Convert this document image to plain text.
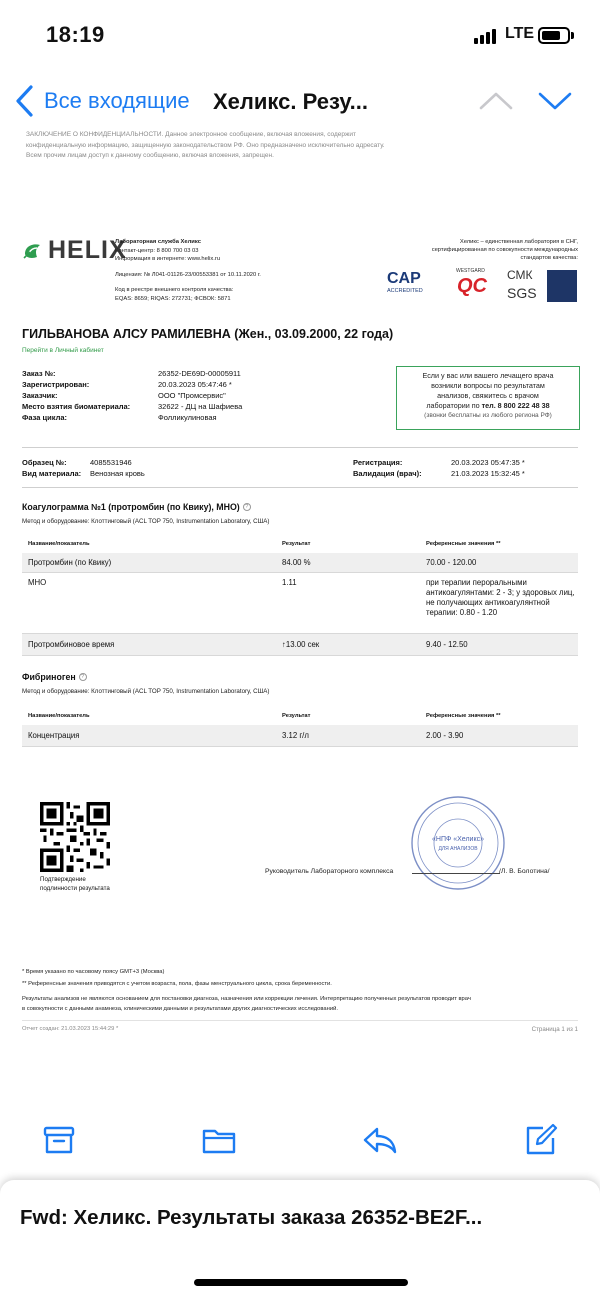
18:19	LTE
Все входящие Хеликс. Резу...
ЗАКЛЮЧЕНИЕ О КОНФИДЕНЦИАЛЬНОСТИ. Данное электронное сообщение, включая вложения, содержит
конфиденциальную информацию, защищенную законодательством РФ. Оно предназначено исключительно адресату.
Всем прочим лицам доступ к данному сообщению, включая вложения, запрещен.
HELIX
Лабораторная служба Хеликс
Контакт-центр: 8 800 700 03 03
Информация в интернете: www.helix.ru
Лицензия: № Л041-01126-23/00553381 от 10.11.2020 г.
Код в реестре внешнего контроля качества:
EQAS: 8659; RIQAS: 272731; ФСВОК: 5871
Хеликс – единственная лаборатория в СНГ,
сертифицированная по совокупности международных
стандартов качества:
CAP
ACCREDITED
WESTGARD
QC СМК
SGS
ГИЛЬВАНОВА АЛСУ РАМИЛЕВНА (Жен., 03.09.2000, 22 года)
Перейти в Личный кабинет
Заказ №:	26352-DE69D-00005911
Зарегистрирован:	20.03.2023 05:47:46 *
Заказчик:	ООО "Промсервис"
Место взятия биоматериала:	32622 - ДЦ на Шафиева
Фаза цикла:	Фолликулиновая
Если у вас или вашего лечащего врача
возникли вопросы по результатам
анализов, свяжитесь с врачом
лаборатории по тел. 8 800 222 48 38
(звонки бесплатны из любого региона РФ)
Образец №:	4085531946
Вид материала:	Венозная кровь
Регистрация:	20.03.2023 05:47:35 *
Валидация (врач):	21.03.2023 15:32:45 *
Коагулограмма №1 (протромбин (по Квику), МНО) ?
Метод и оборудование: Клоттинговый (ACL TOP 750, Instrumentation Laboratory, США)
Название/показатель	Результат	Референсные значения **
Протромбин (по Квику)	84.00 %	70.00 - 120.00
МНО	1.11	при терапии пероральными антикоагулянтами: 2 - 3; у здоровых лиц, не получающих антикоагулянтной терапии: 0.80 - 1.20
Протромбиновое время	↑13.00 сек	9.40 - 12.50
Фибриноген ?
Метод и оборудование: Клоттинговый (ACL TOP 750, Instrumentation Laboratory, США)
Название/показатель	Результат	Референсные значения **
Концентрация	3.12 г/л	2.00 - 3.90
Подтверждение
подлинности результата
«НПФ «Хеликс»
ДЛЯ АНАЛИЗОВ
Руководитель Лабораторного комплекса	/Л. В. Болотина/
* Время указано по часовому поясу GMT+3 (Москва)
** Референсные значения приводятся с учетом возраста, пола, фазы менструального цикла, срока беременности.

Результаты анализов не являются основанием для постановки диагноза, назначения или коррекции лечения. Интерпретацию полученных результатов проводит врач

в совокупности с данными анамнеза, клиническими данными и результатами других диагностических исследований.

Отчет создан: 21.03.2023 15:44:29 *	Страница 1 из 1
Fwd: Хеликс. Результаты заказа 26352-BE2F...
